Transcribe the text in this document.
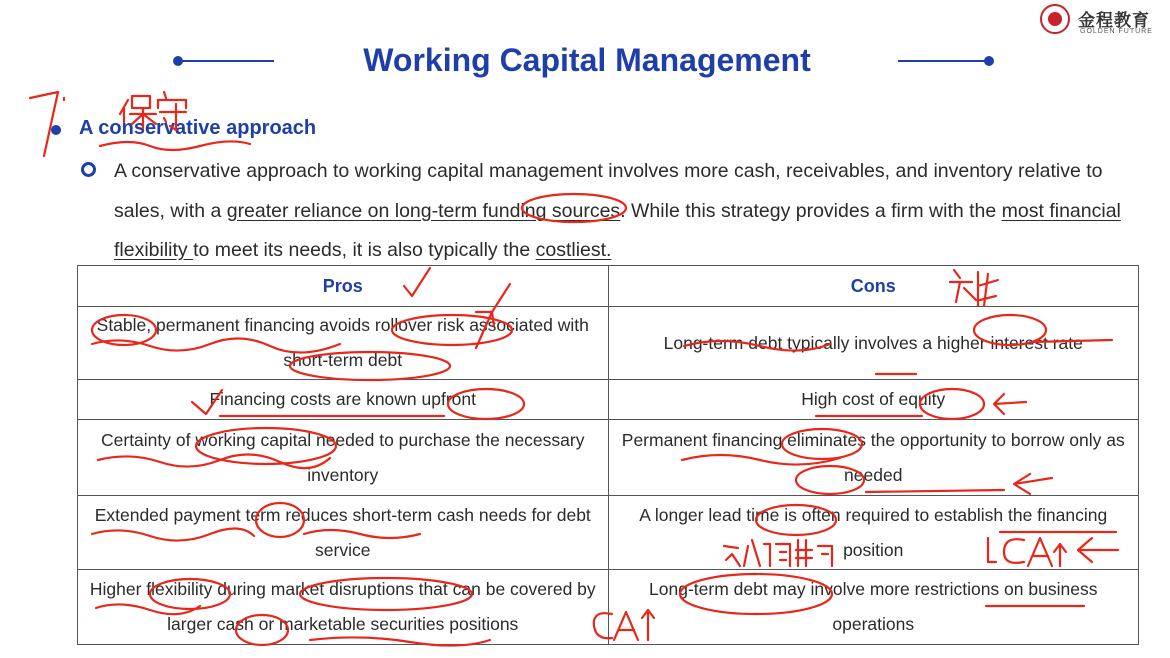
Working Capital Management
金程教育
GOLDEN FUTURE
A conservative approach

A conservative approach to working capital management involves more cash, receivables, and inventory relative to sales, with a greater reliance on long-term funding sources. While this strategy provides a firm with the most financial flexibility to meet its needs, it is also typically the costliest.

Pros	Cons
Stable, permanent financing avoids rollover risk associated with short-term debt	Long-term debt typically involves a higher interest rate
Financing costs are known upfront	High cost of equity
Certainty of working capital needed to purchase the necessary inventory	Permanent financing eliminates the opportunity to borrow only as needed
Extended payment term reduces short-term cash needs for debt service	A longer lead time is often required to establish the financing position
Higher flexibility during market disruptions that can be covered by larger cash or marketable securities positions	Long-term debt may involve more restrictions on business operations
